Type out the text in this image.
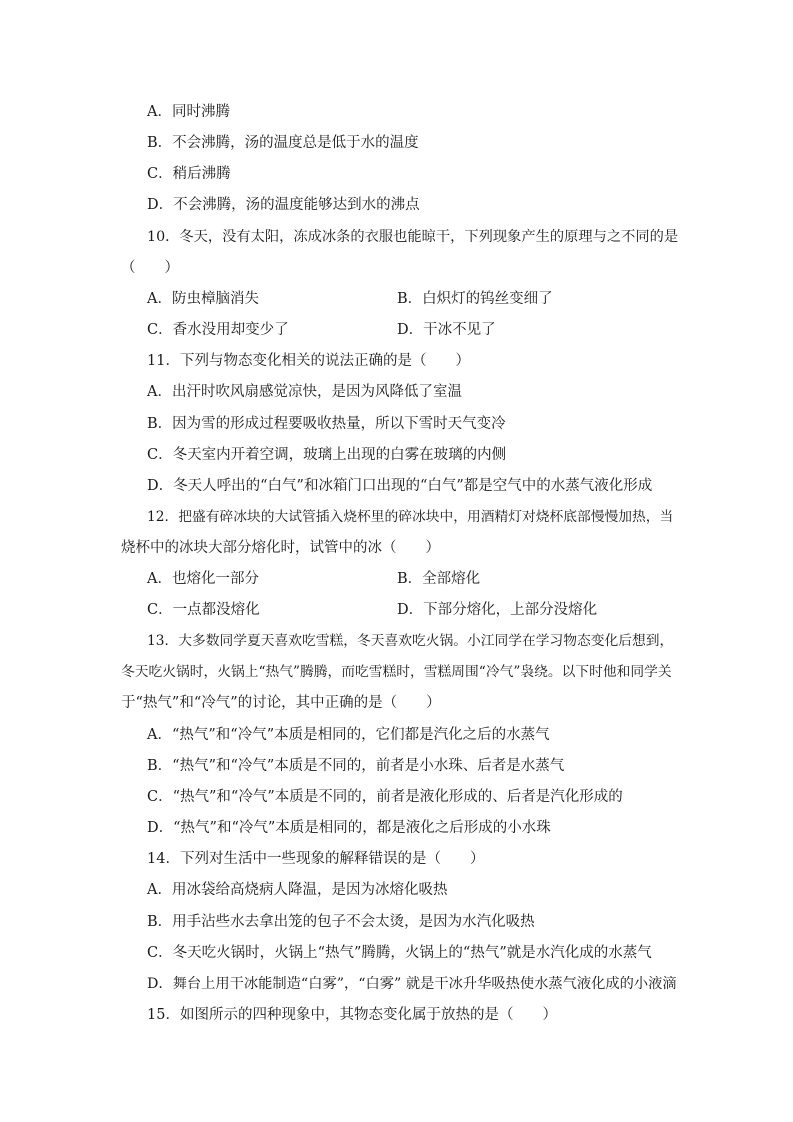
A．同时沸腾
B．不会沸腾，汤的温度总是低于水的温度
C．稍后沸腾
D．不会沸腾，汤的温度能够达到水的沸点
10．冬天，没有太阳，冻成冰条的衣服也能晾干，下列现象产生的原理与之不同的是
（　　）
A．防虫樟脑消失	B．白炽灯的钨丝变细了
C．香水没用却变少了	D．干冰不见了
11．下列与物态变化相关的说法正确的是（　　）
A．出汗时吹风扇感觉凉快，是因为风降低了室温
B．因为雪的形成过程要吸收热量，所以下雪时天气变冷
C．冬天室内开着空调，玻璃上出现的白雾在玻璃的内侧
D．冬天人呼出的“白气”和冰箱门口出现的“白气”都是空气中的水蒸气液化形成
12．把盛有碎冰块的大试管插入烧杯里的碎冰块中，用酒精灯对烧杯底部慢慢加热，当
烧杯中的冰块大部分熔化时，试管中的冰（　　）
A．也熔化一部分	B．全部熔化
C．一点都没熔化	D．下部分熔化，上部分没熔化
13．大多数同学夏天喜欢吃雪糕，冬天喜欢吃火锅。小江同学在学习物态变化后想到，
冬天吃火锅时，火锅上“热气”腾腾，而吃雪糕时，雪糕周围“冷气”袅绕。以下时他和同学关
于“热气”和“冷气”的讨论，其中正确的是（　　）
A．“热气”和“冷气”本质是相同的，它们都是汽化之后的水蒸气
B．“热气”和“冷气”本质是不同的，前者是小水珠、后者是水蒸气
C．“热气”和“冷气”本质是不同的，前者是液化形成的、后者是汽化形成的
D．“热气”和“冷气”本质是相同的，都是液化之后形成的小水珠
14．下列对生活中一些现象的解释错误的是（　　）
A．用冰袋给高烧病人降温，是因为冰熔化吸热
B．用手沾些水去拿出笼的包子不会太烫，是因为水汽化吸热
C．冬天吃火锅时，火锅上“热气”腾腾，火锅上的“热气”就是水汽化成的水蒸气
D．舞台上用干冰能制造“白雾”，“白雾” 就是干冰升华吸热使水蒸气液化成的小液滴
15．如图所示的四种现象中，其物态变化属于放热的是（　　）
